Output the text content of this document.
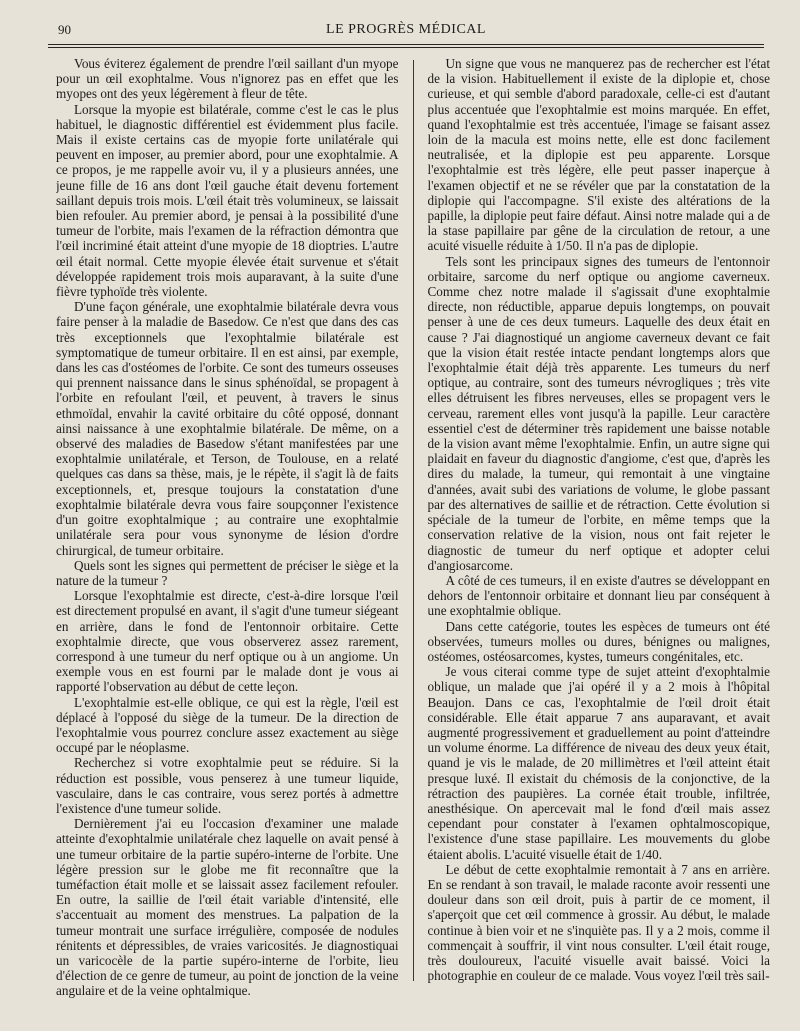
90	LE PROGRÈS MÉDICAL

Vous éviterez également de prendre l'œil saillant d'un myope pour un œil exophtalme. Vous n'ignorez pas en effet que les myopes ont des yeux légèrement à fleur de tête.

Lorsque la myopie est bilatérale, comme c'est le cas le plus habituel, le diagnostic différentiel est évidemment plus facile. Mais il existe certains cas de myopie forte unilatérale qui peuvent en imposer, au premier abord, pour une exophtalmie. A ce propos, je me rappelle avoir vu, il y a plusieurs années, une jeune fille de 16 ans dont l'œil gauche était devenu fortement saillant depuis trois mois. L'œil était très volumineux, se laissait bien refouler. Au premier abord, je pensai à la possibilité d'une tumeur de l'orbite, mais l'examen de la réfraction démontra que l'œil incriminé était atteint d'une myopie de 18 dioptries. L'autre œil était normal. Cette myopie élevée était survenue et s'était développée rapidement trois mois auparavant, à la suite d'une fièvre typhoïde très violente.

D'une façon générale, une exophtalmie bilatérale devra vous faire penser à la maladie de Basedow. Ce n'est que dans des cas très exceptionnels que l'exophtalmie bilatérale est symptomatique de tumeur orbitaire. Il en est ainsi, par exemple, dans les cas d'ostéomes de l'orbite. Ce sont des tumeurs osseuses qui prennent naissance dans le sinus sphénoïdal, se propagent à l'orbite en refoulant l'œil, et peuvent, à travers le sinus ethmoïdal, envahir la cavité orbitaire du côté opposé, donnant ainsi naissance à une exophtalmie bilatérale. De même, on a observé des maladies de Basedow s'étant manifestées par une exophtalmie unilatérale, et Terson, de Toulouse, en a relaté quelques cas dans sa thèse, mais, je le répète, il s'agit là de faits exceptionnels, et, presque toujours la constatation d'une exophtalmie bilatérale devra vous faire soupçonner l'existence d'un goitre exophtalmique ; au contraire une exophtalmie unilatérale sera pour vous synonyme de lésion d'ordre chirurgical, de tumeur orbitaire.

Quels sont les signes qui permettent de préciser le siège et la nature de la tumeur ?

Lorsque l'exophtalmie est directe, c'est-à-dire lorsque l'œil est directement propulsé en avant, il s'agit d'une tumeur siégeant en arrière, dans le fond de l'entonnoir orbitaire. Cette exophtalmie directe, que vous observerez assez rarement, correspond à une tumeur du nerf optique ou à un angiome. Un exemple vous en est fourni par le malade dont je vous ai rapporté l'observation au début de cette leçon.

L'exophtalmie est-elle oblique, ce qui est la règle, l'œil est déplacé à l'opposé du siège de la tumeur. De la direction de l'exophtalmie vous pourrez conclure assez exactement au siège occupé par le néoplasme.

Recherchez si votre exophtalmie peut se réduire. Si la réduction est possible, vous penserez à une tumeur liquide, vasculaire, dans le cas contraire, vous serez portés à admettre l'existence d'une tumeur solide.

Dernièrement j'ai eu l'occasion d'examiner une malade atteinte d'exophtalmie unilatérale chez laquelle on avait pensé à une tumeur orbitaire de la partie supéro-interne de l'orbite. Une légère pression sur le globe me fit reconnaître que la tuméfaction était molle et se laissait assez facilement refouler. En outre, la saillie de l'œil était variable d'intensité, elle s'accentuait au moment des menstrues. La palpation de la tumeur montrait une surface irrégulière, composée de nodules rénitents et dépressibles, de vraies varicosités. Je diagnostiquai un varicocèle de la partie supéro-interne de l'orbite, lieu d'élection de ce genre de tumeur, au point de jonction de la veine angulaire et de la veine ophtalmique.

Un signe que vous ne manquerez pas de rechercher est l'état de la vision. Habituellement il existe de la diplopie et, chose curieuse, et qui semble d'abord paradoxale, celle-ci est d'autant plus accentuée que l'exophtalmie est moins marquée. En effet, quand l'exophtalmie est très accentuée, l'image se faisant assez loin de la macula est moins nette, elle est donc facilement neutralisée, et la diplopie est peu apparente. Lorsque l'exophtalmie est très légère, elle peut passer inaperçue à l'examen objectif et ne se révéler que par la constatation de la diplopie qui l'accompagne. S'il existe des altérations de la papille, la diplopie peut faire défaut. Ainsi notre malade qui a de la stase papillaire par gêne de la circulation de retour, a une acuité visuelle réduite à 1/50. Il n'a pas de diplopie.

Tels sont les principaux signes des tumeurs de l'entonnoir orbitaire, sarcome du nerf optique ou angiome caverneux. Comme chez notre malade il s'agissait d'une exophtalmie directe, non réductible, apparue depuis longtemps, on pouvait penser à une de ces deux tumeurs. Laquelle des deux était en cause ? J'ai diagnostiqué un angiome caverneux devant ce fait que la vision était restée intacte pendant longtemps alors que l'exophtalmie était déjà très apparente. Les tumeurs du nerf optique, au contraire, sont des tumeurs névrogliques ; très vite elles détruisent les fibres nerveuses, elles se propagent vers le cerveau, rarement elles vont jusqu'à la papille. Leur caractère essentiel c'est de déterminer très rapidement une baisse notable de la vision avant même l'exophtalmie. Enfin, un autre signe qui plaidait en faveur du diagnostic d'angiome, c'est que, d'après les dires du malade, la tumeur, qui remontait à une vingtaine d'années, avait subi des variations de volume, le globe passant par des alternatives de saillie et de rétraction. Cette évolution si spéciale de la tumeur de l'orbite, en même temps que la conservation relative de la vision, nous ont fait rejeter le diagnostic de tumeur du nerf optique et adopter celui d'angiosarcome.

A côté de ces tumeurs, il en existe d'autres se développant en dehors de l'entonnoir orbitaire et donnant lieu par conséquent à une exophtalmie oblique.

Dans cette catégorie, toutes les espèces de tumeurs ont été observées, tumeurs molles ou dures, bénignes ou malignes, ostéomes, ostéosarcomes, kystes, tumeurs congénitales, etc.

Je vous citerai comme type de sujet atteint d'exophtalmie oblique, un malade que j'ai opéré il y a 2 mois à l'hôpital Beaujon. Dans ce cas, l'exophtalmie de l'œil droit était considérable. Elle était apparue 7 ans auparavant, et avait augmenté progressivement et graduellement au point d'atteindre un volume énorme. La différence de niveau des deux yeux était, quand je vis le malade, de 20 millimètres et l'œil atteint était presque luxé. Il existait du chémosis de la conjonctive, de la rétraction des paupières. La cornée était trouble, infiltrée, anesthésique. On apercevait mal le fond d'œil mais assez cependant pour constater à l'examen ophtalmoscopique, l'existence d'une stase papillaire. Les mouvements du globe étaient abolis. L'acuité visuelle était de 1/40.

Le début de cette exophtalmie remontait à 7 ans en arrière. En se rendant à son travail, le malade raconte avoir ressenti une douleur dans son œil droit, puis à partir de ce moment, il s'aperçoit que cet œil commence à grossir. Au début, le malade continue à bien voir et ne s'inquiète pas. Il y a 2 mois, comme il commençait à souffrir, il vint nous consulter. L'œil était rouge, très douloureux, l'acuité visuelle avait baissé. Voici la photographie en couleur de ce malade. Vous voyez l'œil très sail-
